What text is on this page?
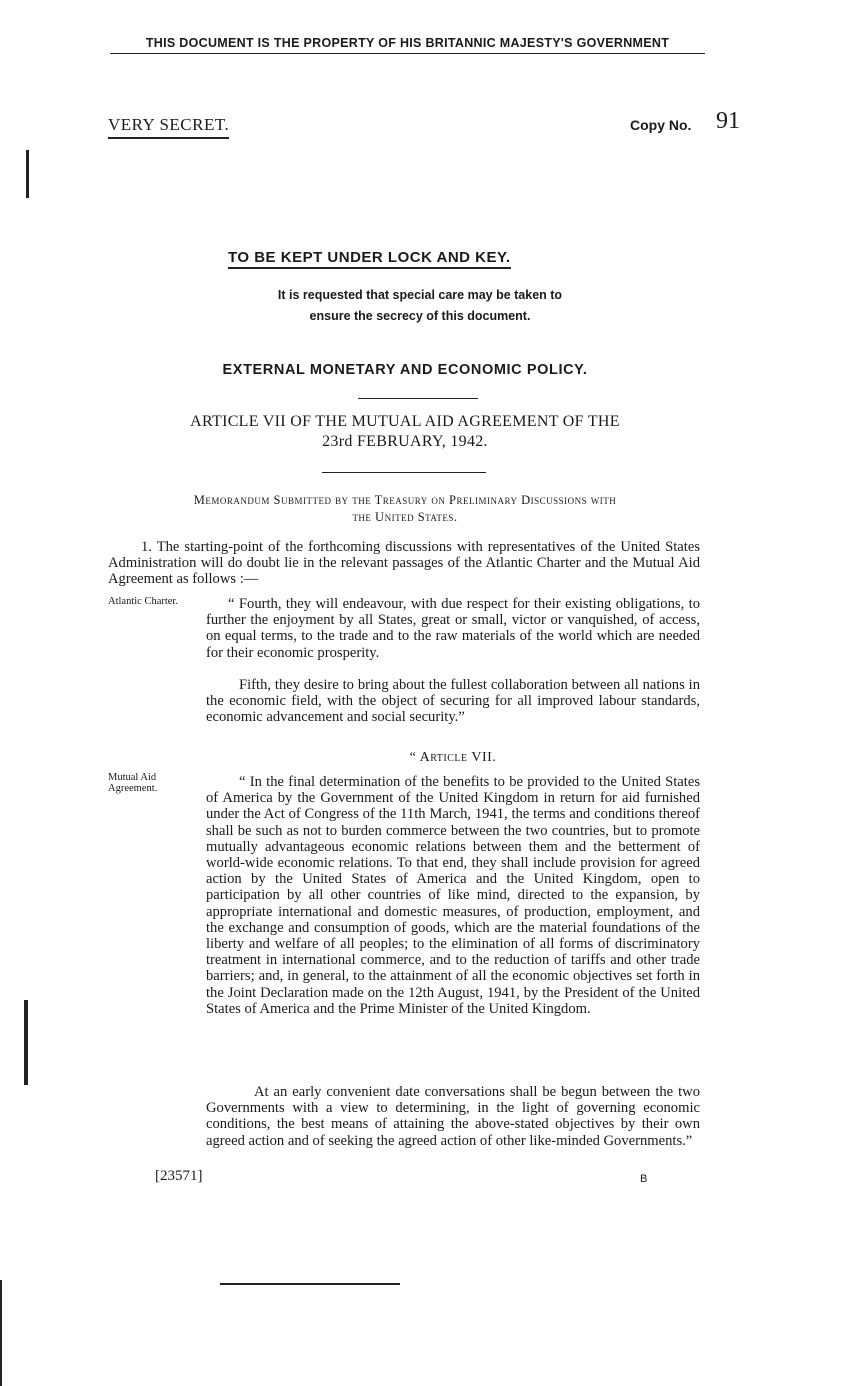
THIS DOCUMENT IS THE PROPERTY OF HIS BRITANNIC MAJESTY'S GOVERNMENT
VERY SECRET.	Copy No. 91
TO BE KEPT UNDER LOCK AND KEY.
It is requested that special care may be taken to
ensure the secrecy of this document.
EXTERNAL MONETARY AND ECONOMIC POLICY.
ARTICLE VII OF THE MUTUAL AID AGREEMENT OF THE
23rd FEBRUARY, 1942.
Memorandum Submitted by the Treasury on Preliminary Discussions with
the United States.
1. The starting-point of the forthcoming discussions with representatives of the United States Administration will do doubt lie in the relevant passages of the Atlantic Charter and the Mutual Aid Agreement as follows :—
Atlantic Charter.	“ Fourth, they will endeavour, with due respect for their existing obligations, to further the enjoyment by all States, great or small, victor or vanquished, of access, on equal terms, to the trade and to the raw materials of the world which are needed for their economic prosperity.
Fifth, they desire to bring about the fullest collaboration between all nations in the economic field, with the object of securing for all improved labour standards, economic advancement and social security.”
“ Article VII.
Mutual Aid Agreement.	“ In the final determination of the benefits to be provided to the United States of America by the Government of the United Kingdom in return for aid furnished under the Act of Congress of the 11th March, 1941, the terms and conditions thereof shall be such as not to burden commerce between the two countries, but to promote mutually advantageous economic relations between them and the betterment of world-wide economic relations. To that end, they shall include provision for agreed action by the United States of America and the United Kingdom, open to participation by all other countries of like mind, directed to the expansion, by appropriate international and domestic measures, of production, employment, and the exchange and consumption of goods, which are the material foundations of the liberty and welfare of all peoples; to the elimination of all forms of discriminatory treatment in international commerce, and to the reduction of tariffs and other trade barriers; and, in general, to the attainment of all the economic objectives set forth in the Joint Declaration made on the 12th August, 1941, by the President of the United States of America and the Prime Minister of the United Kingdom.
At an early convenient date conversations shall be begun between the two Governments with a view to determining, in the light of governing economic conditions, the best means of attaining the above-stated objectives by their own agreed action and of seeking the agreed action of other like-minded Governments.”
[23571]	B
